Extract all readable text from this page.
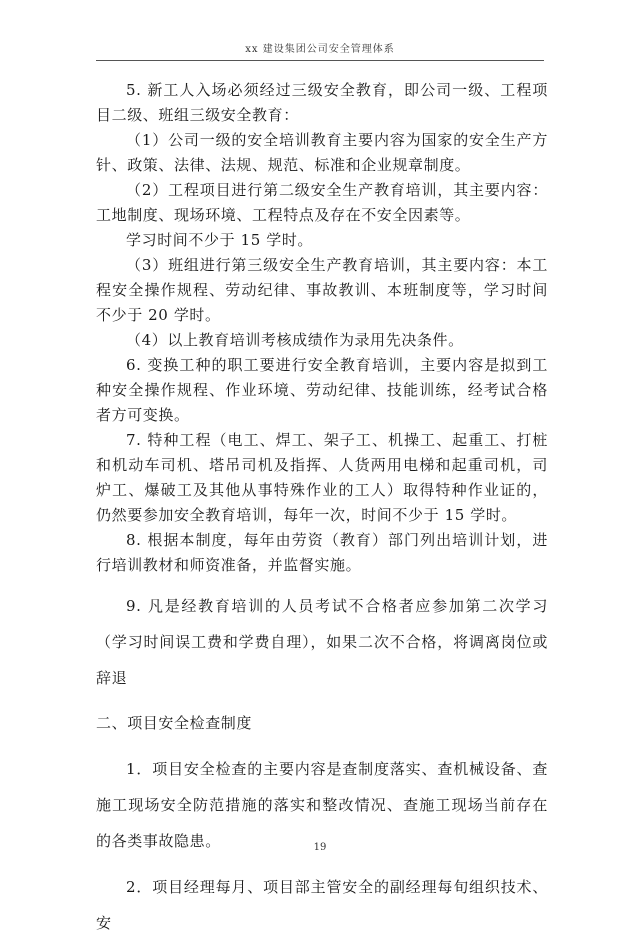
xx 建设集团公司安全管理体系

5. 新工人入场必须经过三级安全教育，即公司一级、工程项目二级、班组三级安全教育：

（1）公司一级的安全培训教育主要内容为国家的安全生产方针、政策、法律、法规、规范、标准和企业规章制度。

（2）工程项目进行第二级安全生产教育培训，其主要内容：工地制度、现场环境、工程特点及存在不安全因素等。

学习时间不少于 15 学时。

（3）班组进行第三级安全生产教育培训，其主要内容：本工程安全操作规程、劳动纪律、事故教训、本班制度等，学习时间不少于 20 学时。

（4）以上教育培训考核成绩作为录用先决条件。

6. 变换工种的职工要进行安全教育培训，主要内容是拟到工种安全操作规程、作业环境、劳动纪律、技能训练，经考试合格者方可变换。

7. 特种工程（电工、焊工、架子工、机操工、起重工、打桩和机动车司机、塔吊司机及指挥、人货两用电梯和起重司机，司炉工、爆破工及其他从事特殊作业的工人）取得特种作业证的，仍然要参加安全教育培训，每年一次，时间不少于 15 学时。

8. 根据本制度，每年由劳资（教育）部门列出培训计划，进行培训教材和师资准备，并监督实施。

9. 凡是经教育培训的人员考试不合格者应参加第二次学习（学习时间误工费和学费自理），如果二次不合格，将调离岗位或辞退

二、项目安全检查制度

1．项目安全检查的主要内容是查制度落实、查机械设备、查施工现场安全防范措施的落实和整改情况、查施工现场当前存在的各类事故隐患。

2．项目经理每月、项目部主管安全的副经理每旬组织技术、安

19
